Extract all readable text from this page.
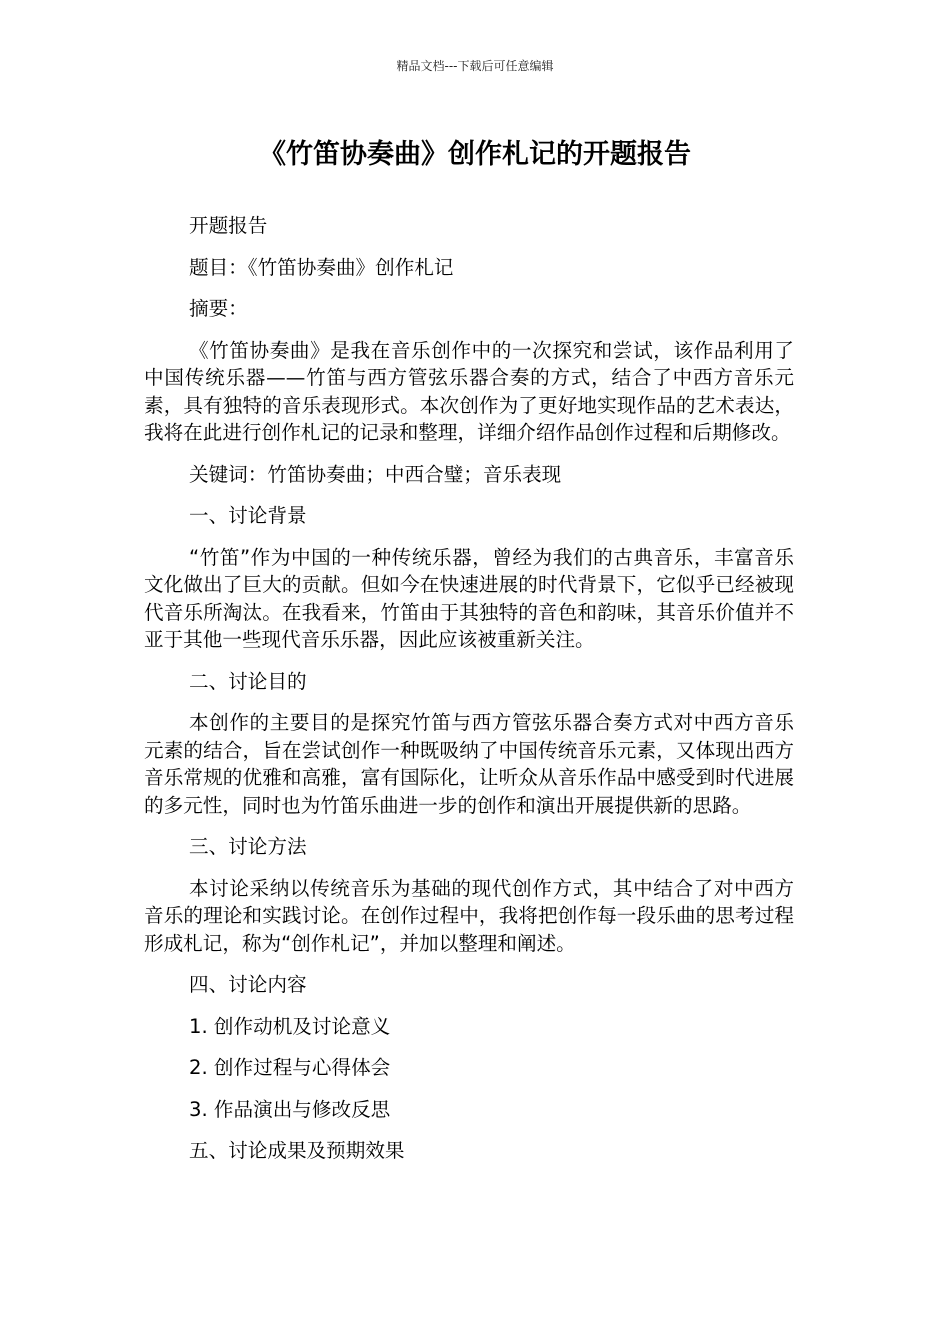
精品文档---下载后可任意编辑
《竹笛协奏曲》创作札记的开题报告

开题报告

题目：《竹笛协奏曲》创作札记

摘要：

《竹笛协奏曲》是我在音乐创作中的一次探究和尝试，该作品利用了中国传统乐器——竹笛与西方管弦乐器合奏的方式，结合了中西方音乐元素，具有独特的音乐表现形式。本次创作为了更好地实现作品的艺术表达，我将在此进行创作札记的记录和整理，详细介绍作品创作过程和后期修改。

关键词：竹笛协奏曲；中西合璧；音乐表现

一、讨论背景

“竹笛”作为中国的一种传统乐器，曾经为我们的古典音乐，丰富音乐文化做出了巨大的贡献。但如今在快速进展的时代背景下，它似乎已经被现代音乐所淘汰。在我看来，竹笛由于其独特的音色和韵味，其音乐价值并不亚于其他一些现代音乐乐器，因此应该被重新关注。

二、讨论目的

本创作的主要目的是探究竹笛与西方管弦乐器合奏方式对中西方音乐元素的结合，旨在尝试创作一种既吸纳了中国传统音乐元素，又体现出西方音乐常规的优雅和高雅，富有国际化，让听众从音乐作品中感受到时代进展的多元性，同时也为竹笛乐曲进一步的创作和演出开展提供新的思路。

三、讨论方法

本讨论采纳以传统音乐为基础的现代创作方式，其中结合了对中西方音乐的理论和实践讨论。在创作过程中，我将把创作每一段乐曲的思考过程形成札记，称为“创作札记”，并加以整理和阐述。

四、讨论内容

1. 创作动机及讨论意义

2. 创作过程与心得体会

3. 作品演出与修改反思

五、讨论成果及预期效果
